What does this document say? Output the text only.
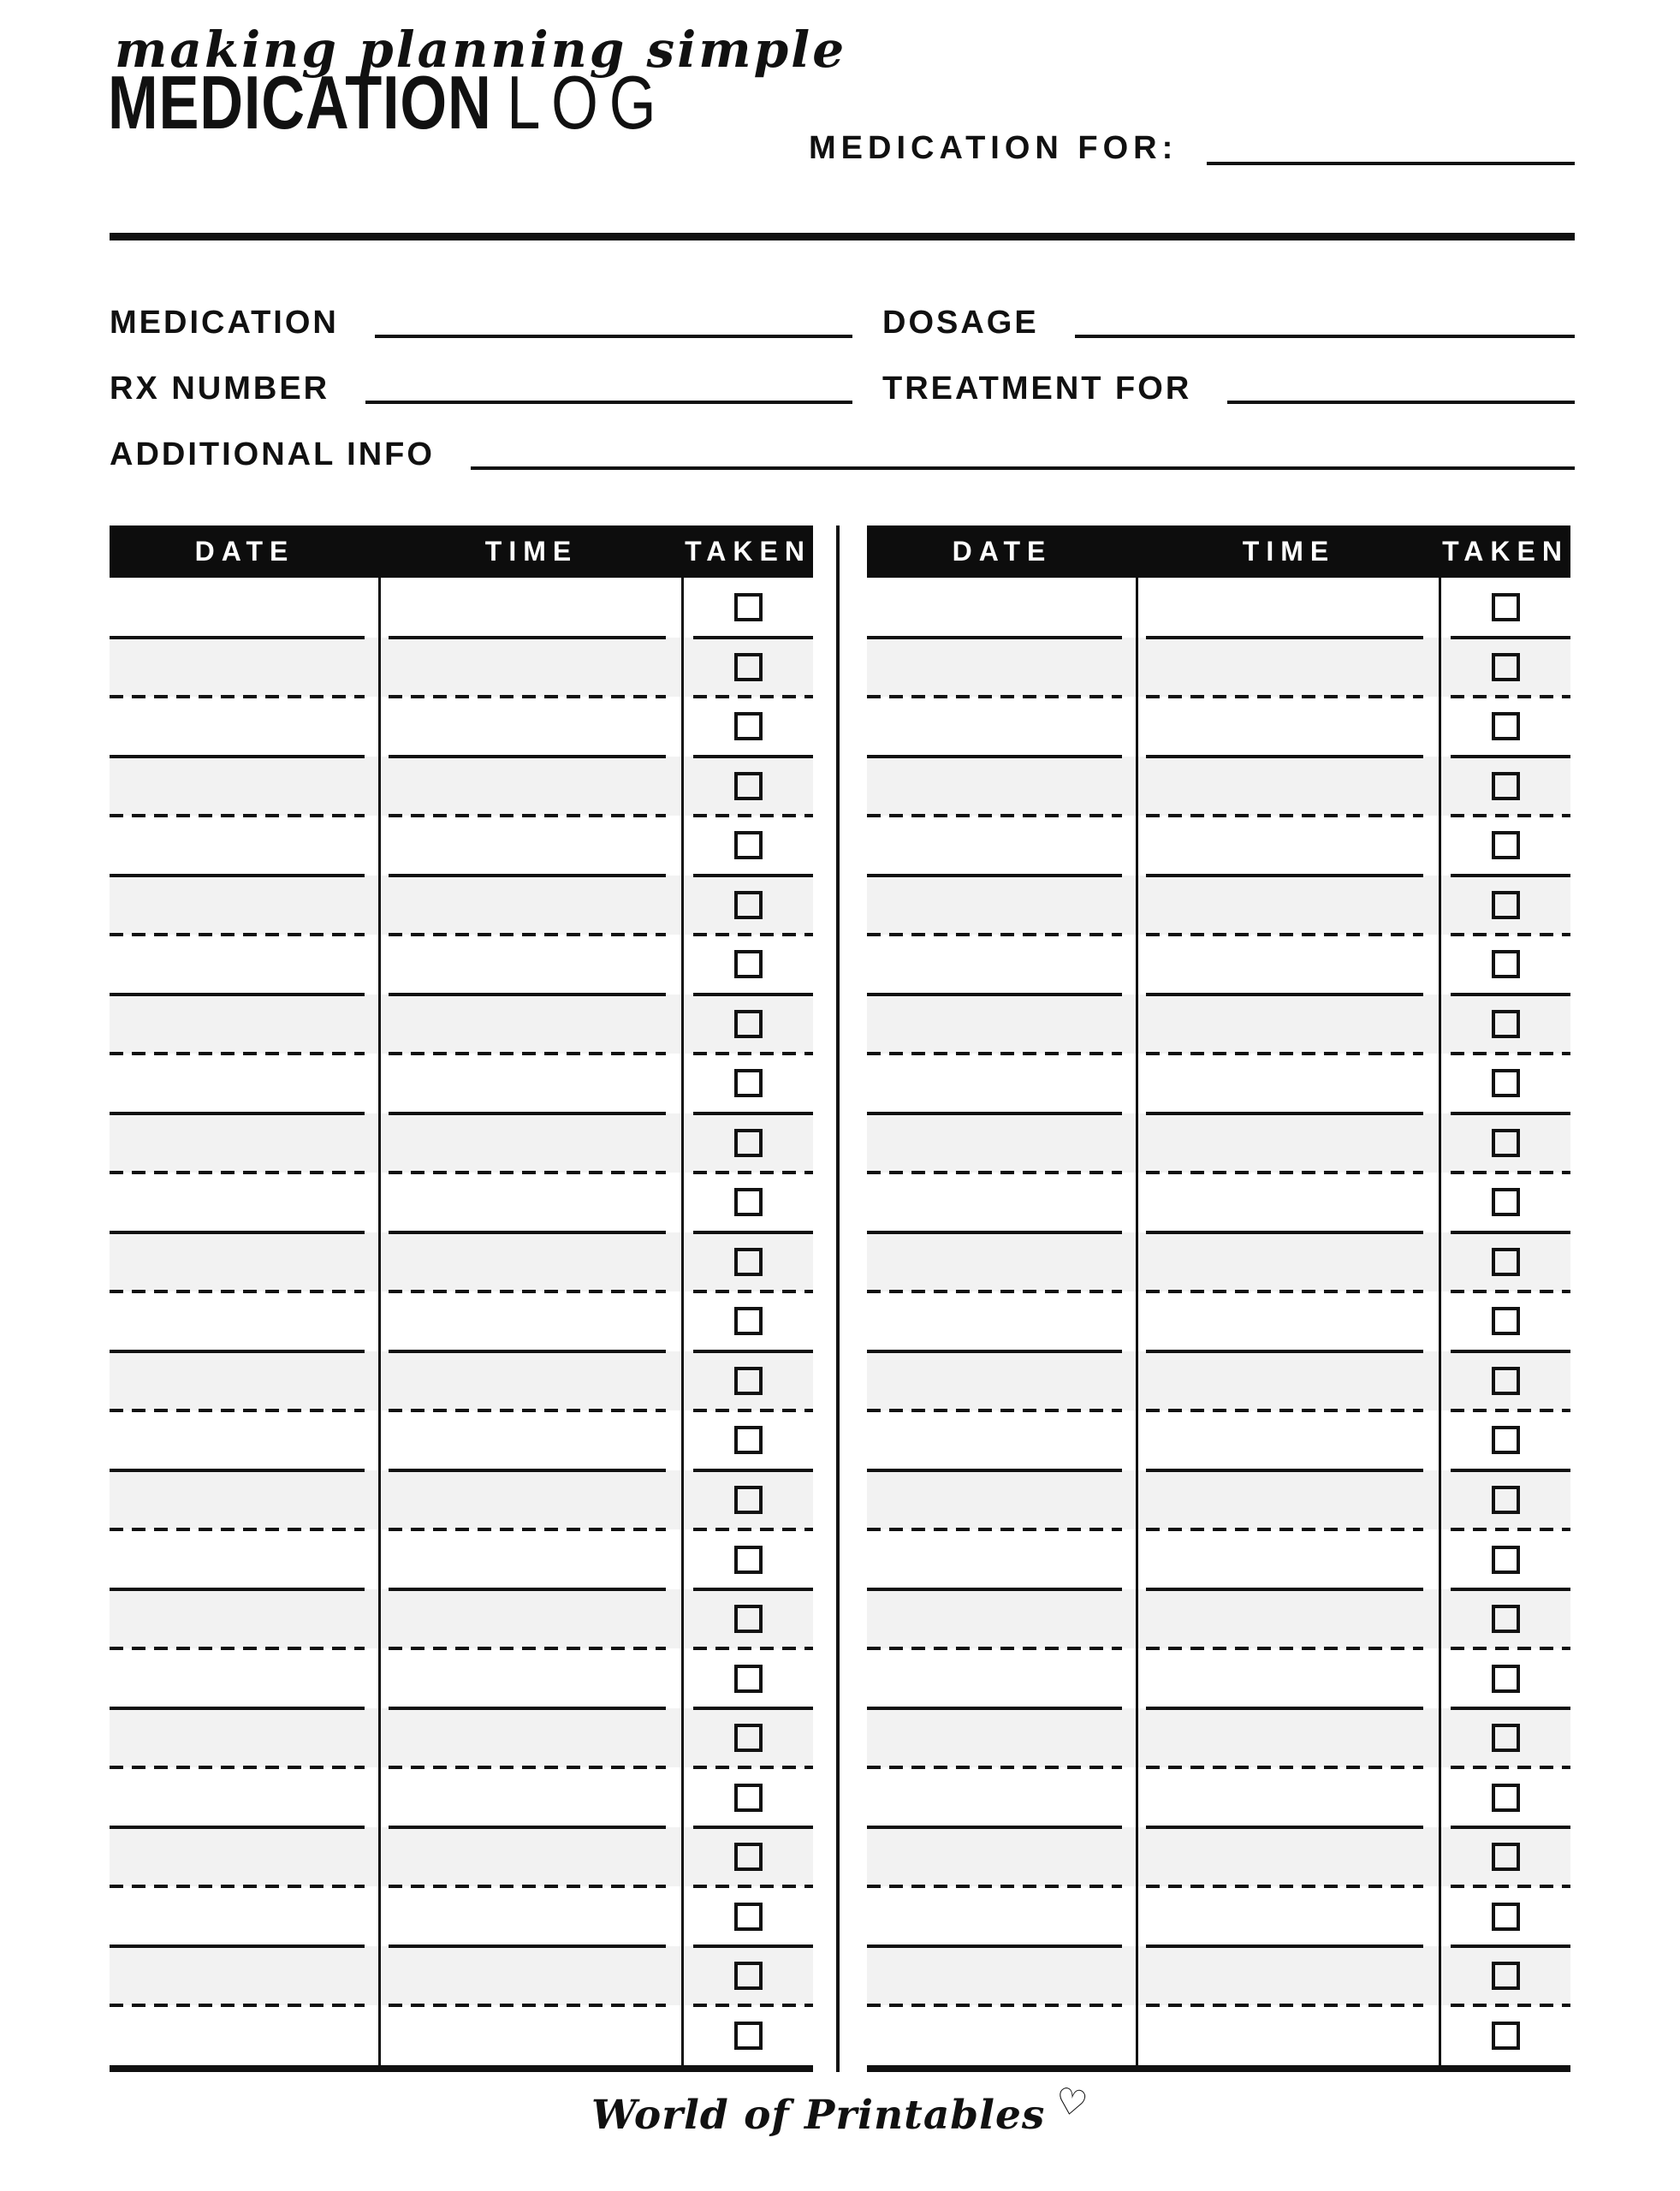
making planning simple
MEDICATION LOG
MEDICATION FOR:
MEDICATION	DOSAGE
RX NUMBER	TREATMENT FOR
ADDITIONAL INFO
DATE	TIME	TAKEN	DATE	TIME	TAKEN
World of Printables ♡
